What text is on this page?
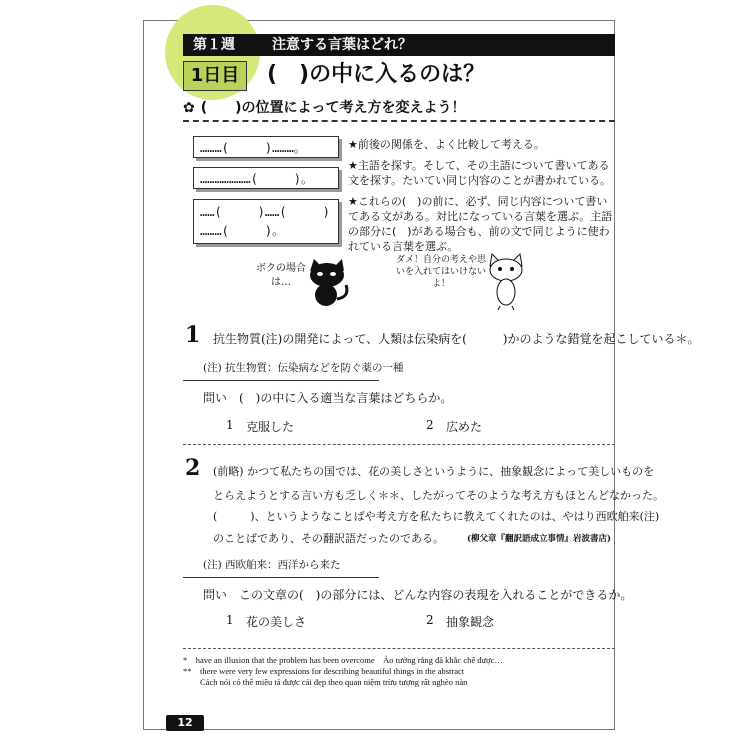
第１週	注意する言葉はどれ？
1日目	(　)の中に入るのは？
✿ (　　)の位置によって考え方を変えよう！
………(　　　)………。
…………………(　　　)。
……(　　　)……(　　　)
………(　　　)。

★前後の関係を、よく比較して考える。

★主語を探す。そして、その主語について書いてある文を探す。たいてい同じ内容のことが書かれている。

★これらの(　)の前に、必ず、同じ内容について書いてある文がある。対比になっている言葉を選ぶ。主語の部分に(　)がある場合も、前の文で同じように使われている言葉を選ぶ。

ボクの場合は…
ダメ！自分の考えや思いを入れてはいけないよ！
1 抗生物質(注)の開発によって、人類は伝染病を(　　　)かのような錯覚を起こしている＊。
(注) 抗生物質：伝染病などを防ぐ薬の一種
問い　(　)の中に入る適当な言葉はどちらか。
1 克服した	2 広めた
2 (前略) かつて私たちの国では、花の美しさというように、抽象観念によって美しいものを
とらえようとする言い方も乏しく＊＊、したがってそのような考え方もほとんどなかった。
(　　　)、というようなことばや考え方を私たちに教えてくれたのは、やはり西欧舶来(注)
のことばであり、その翻訳語だったのである。	(柳父章『翻訳語成立事情』岩波書店)
(注) 西欧舶来：西洋から来た
問い　この文章の(　)の部分には、どんな内容の表現を入れることができるか。
1 花の美しさ	2 抽象観念
*　have an illusion that the problem has been overcome　Ảo tưởng rằng đã khắc chế được…
**　there were very few expressions for describing beautiful things in the abstract
　　Cách nói có thể miêu tả được cái đẹp theo quan niệm trừu tượng rất nghèo nàn
12
